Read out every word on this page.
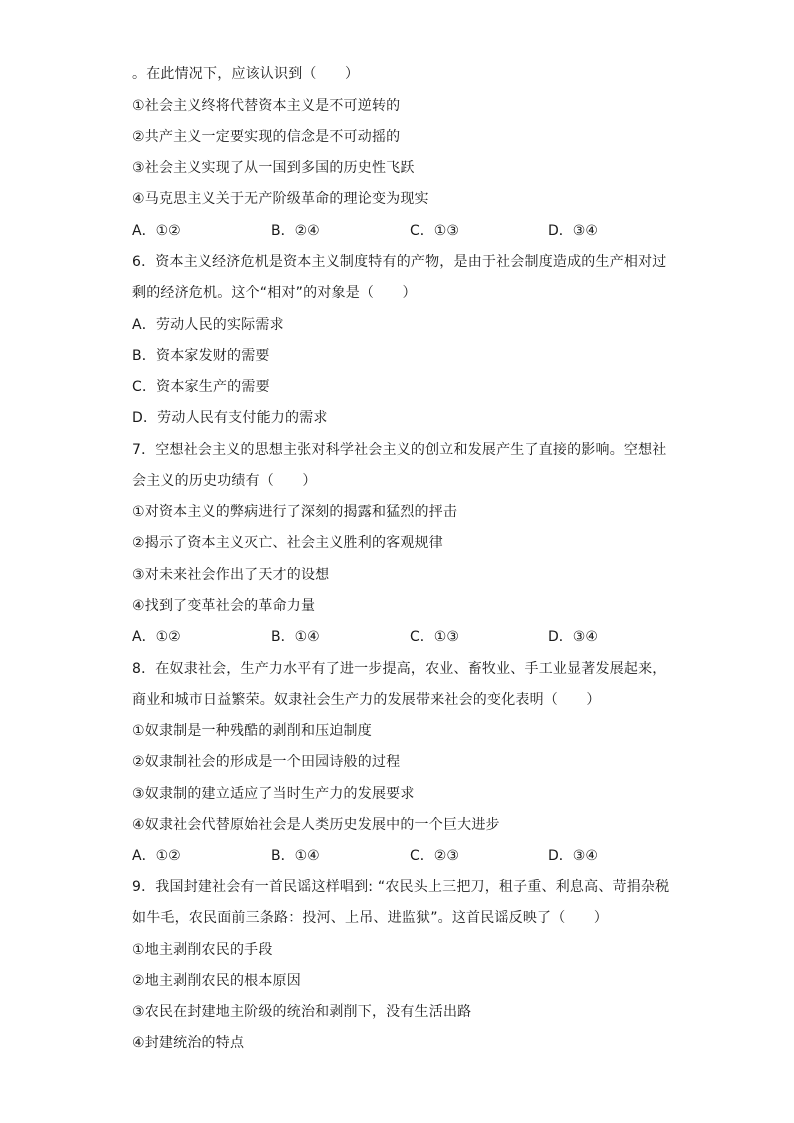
。在此情况下，应该认识到（　　）
①社会主义终将代替资本主义是不可逆转的
②共产主义一定要实现的信念是不可动摇的
③社会主义实现了从一国到多国的历史性飞跃
④马克思主义关于无产阶级革命的理论变为现实
A．①②	B．②④	C．①③	D．③④
6．资本主义经济危机是资本主义制度特有的产物，是由于社会制度造成的生产相对过
剩的经济危机。这个“相对”的对象是（　　）
A．劳动人民的实际需求
B．资本家发财的需要
C．资本家生产的需要
D．劳动人民有支付能力的需求
7．空想社会主义的思想主张对科学社会主义的创立和发展产生了直接的影响。空想社
会主义的历史功绩有（　　）
①对资本主义的弊病进行了深刻的揭露和猛烈的抨击
②揭示了资本主义灭亡、社会主义胜利的客观规律
③对未来社会作出了天才的设想
④找到了变革社会的革命力量
A．①②	B．①④	C．①③	D．③④
8．在奴隶社会，生产力水平有了进一步提高，农业、畜牧业、手工业显著发展起来，
商业和城市日益繁荣。奴隶社会生产力的发展带来社会的变化表明（　　）
①奴隶制是一种残酷的剥削和压迫制度
②奴隶制社会的形成是一个田园诗般的过程
③奴隶制的建立适应了当时生产力的发展要求
④奴隶社会代替原始社会是人类历史发展中的一个巨大进步
A．①②	B．①④	C．②③	D．③④
9．我国封建社会有一首民谣这样唱到: “农民头上三把刀，租子重、利息高、苛捐杂税
如牛毛，农民面前三条路：投河、上吊、进监狱”。这首民谣反映了（　　）
①地主剥削农民的手段
②地主剥削农民的根本原因
③农民在封建地主阶级的统治和剥削下，没有生活出路
④封建统治的特点
